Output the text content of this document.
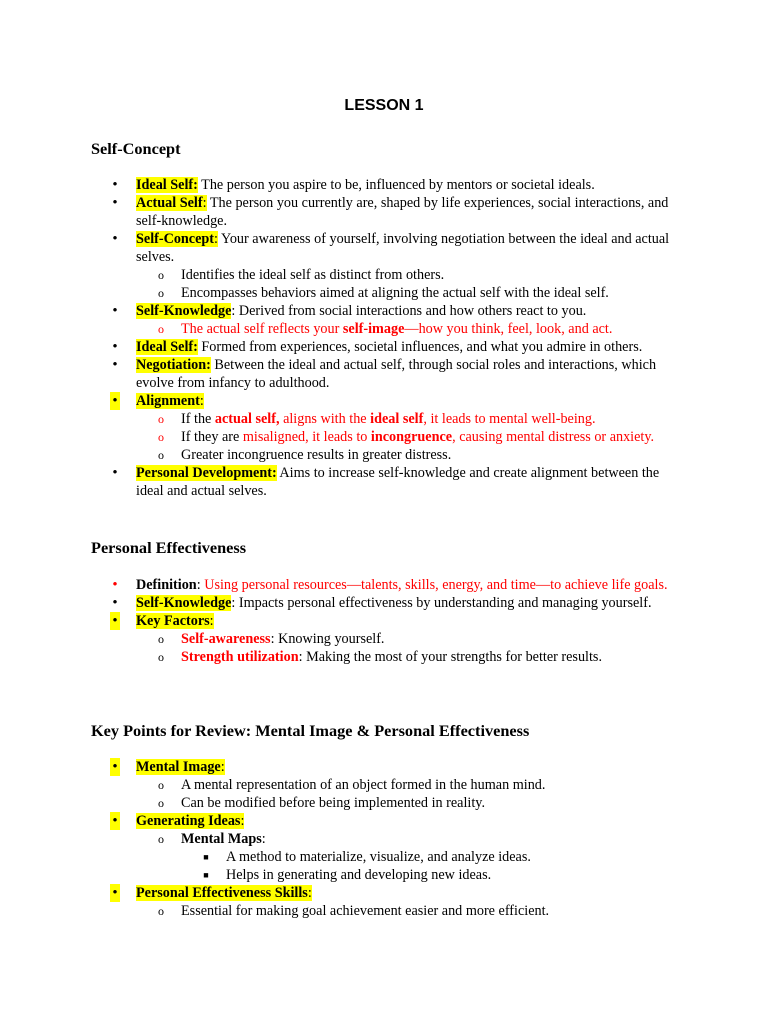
LESSON 1
Self-Concept
• Ideal Self: The person you aspire to be, influenced by mentors or societal ideals.
• Actual Self: The person you currently are, shaped by life experiences, social interactions, and self-knowledge.
• Self-Concept: Your awareness of yourself, involving negotiation between the ideal and actual selves.
o Identifies the ideal self as distinct from others.
o Encompasses behaviors aimed at aligning the actual self with the ideal self.
• Self-Knowledge: Derived from social interactions and how others react to you.
o The actual self reflects your self-image—how you think, feel, look, and act.
• Ideal Self: Formed from experiences, societal influences, and what you admire in others.
• Negotiation: Between the ideal and actual self, through social roles and interactions, which evolve from infancy to adulthood.
• Alignment:
o If the actual self, aligns with the ideal self, it leads to mental well-being.
o If they are misaligned, it leads to incongruence, causing mental distress or anxiety.
o Greater incongruence results in greater distress.
• Personal Development: Aims to increase self-knowledge and create alignment between the ideal and actual selves.
Personal Effectiveness
• Definition: Using personal resources—talents, skills, energy, and time—to achieve life goals.
• Self-Knowledge: Impacts personal effectiveness by understanding and managing yourself.
• Key Factors:
o Self-awareness: Knowing yourself.
o Strength utilization: Making the most of your strengths for better results.
Key Points for Review: Mental Image & Personal Effectiveness
• Mental Image:
o A mental representation of an object formed in the human mind.
o Can be modified before being implemented in reality.
• Generating Ideas:
o Mental Maps:
■ A method to materialize, visualize, and analyze ideas.
■ Helps in generating and developing new ideas.
• Personal Effectiveness Skills:
o Essential for making goal achievement easier and more efficient.
